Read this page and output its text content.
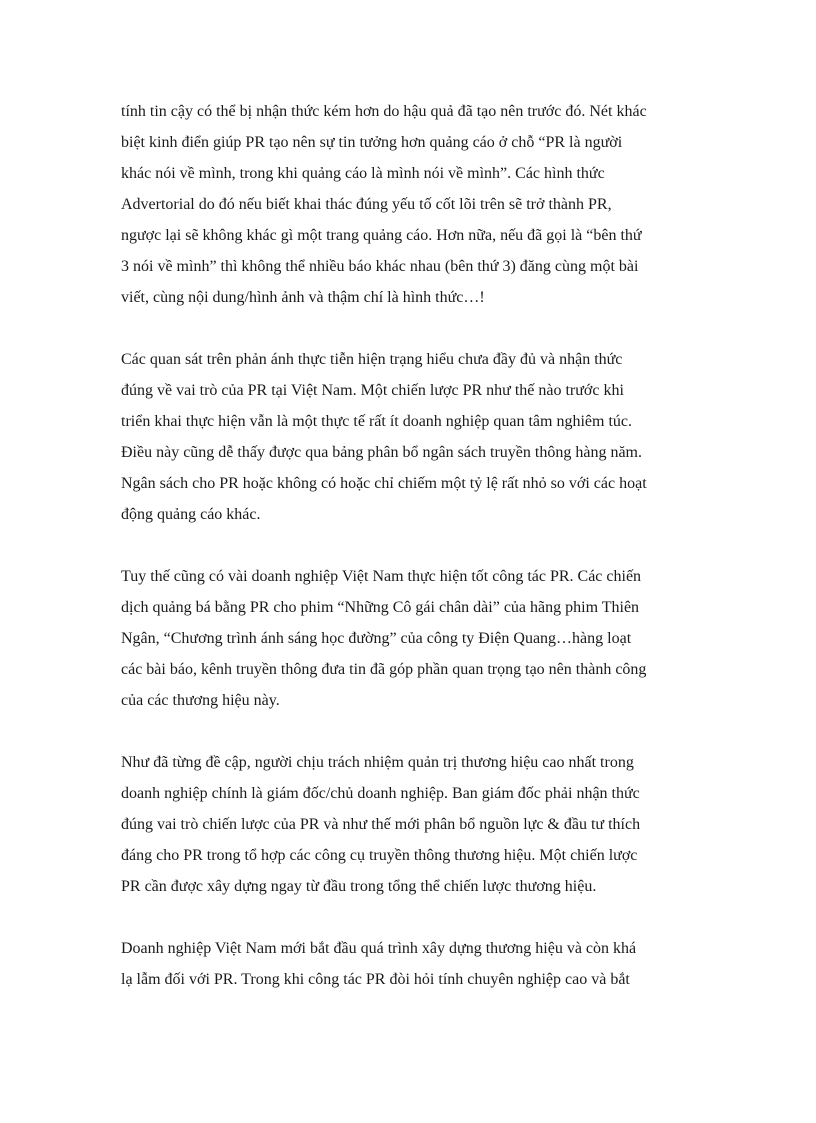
tính tin cậy có thể bị nhận thức kém hơn do hậu quả đã tạo nên trước đó. Nét khác
biệt kinh điển giúp PR tạo nên sự tin tưởng hơn quảng cáo ở chỗ “PR là người
khác nói về mình, trong khi quảng cáo là mình nói về mình”. Các hình thức
Advertorial do đó nếu biết khai thác đúng yếu tố cốt lõi trên sẽ trở thành PR,
ngược lại sẽ không khác gì một trang quảng cáo. Hơn nữa, nếu đã gọi là “bên thứ
3 nói về mình” thì không thể nhiều báo khác nhau (bên thứ 3) đăng cùng một bài
viết, cùng nội dung/hình ảnh và thậm chí là hình thức…!

Các quan sát trên phản ánh thực tiễn hiện trạng hiểu chưa đầy đủ và nhận thức
đúng về vai trò của PR tại Việt Nam. Một chiến lược PR như thế nào trước khi
triển khai thực hiện vẫn là một thực tế rất ít doanh nghiệp quan tâm nghiêm túc.
Điều này cũng dễ thấy được qua bảng phân bổ ngân sách truyền thông hàng năm.
Ngân sách cho PR hoặc không có hoặc chỉ chiếm một tỷ lệ rất nhỏ so với các hoạt
động quảng cáo khác.

Tuy thế cũng có vài doanh nghiệp Việt Nam thực hiện tốt công tác PR. Các chiến
dịch quảng bá bằng PR cho phim “Những Cô gái chân dài” của hãng phim Thiên
Ngân, “Chương trình ánh sáng học đường” của công ty Điện Quang…hàng loạt
các bài báo, kênh truyền thông đưa tin đã góp phần quan trọng tạo nên thành công
của các thương hiệu này.

Như đã từng đề cập, người chịu trách nhiệm quản trị thương hiệu cao nhất trong
doanh nghiệp chính là giám đốc/chủ doanh nghiệp. Ban giám đốc phải nhận thức
đúng vai trò chiến lược của PR và như thế mới phân bổ nguồn lực & đầu tư thích
đáng cho PR trong tổ hợp các công cụ truyền thông thương hiệu. Một chiến lược
PR cần được xây dựng ngay từ đầu trong tổng thể chiến lược thương hiệu.

Doanh nghiệp Việt Nam mới bắt đầu quá trình xây dựng thương hiệu và còn khá
lạ lẫm đối với PR. Trong khi công tác PR đòi hỏi tính chuyên nghiệp cao và bắt
